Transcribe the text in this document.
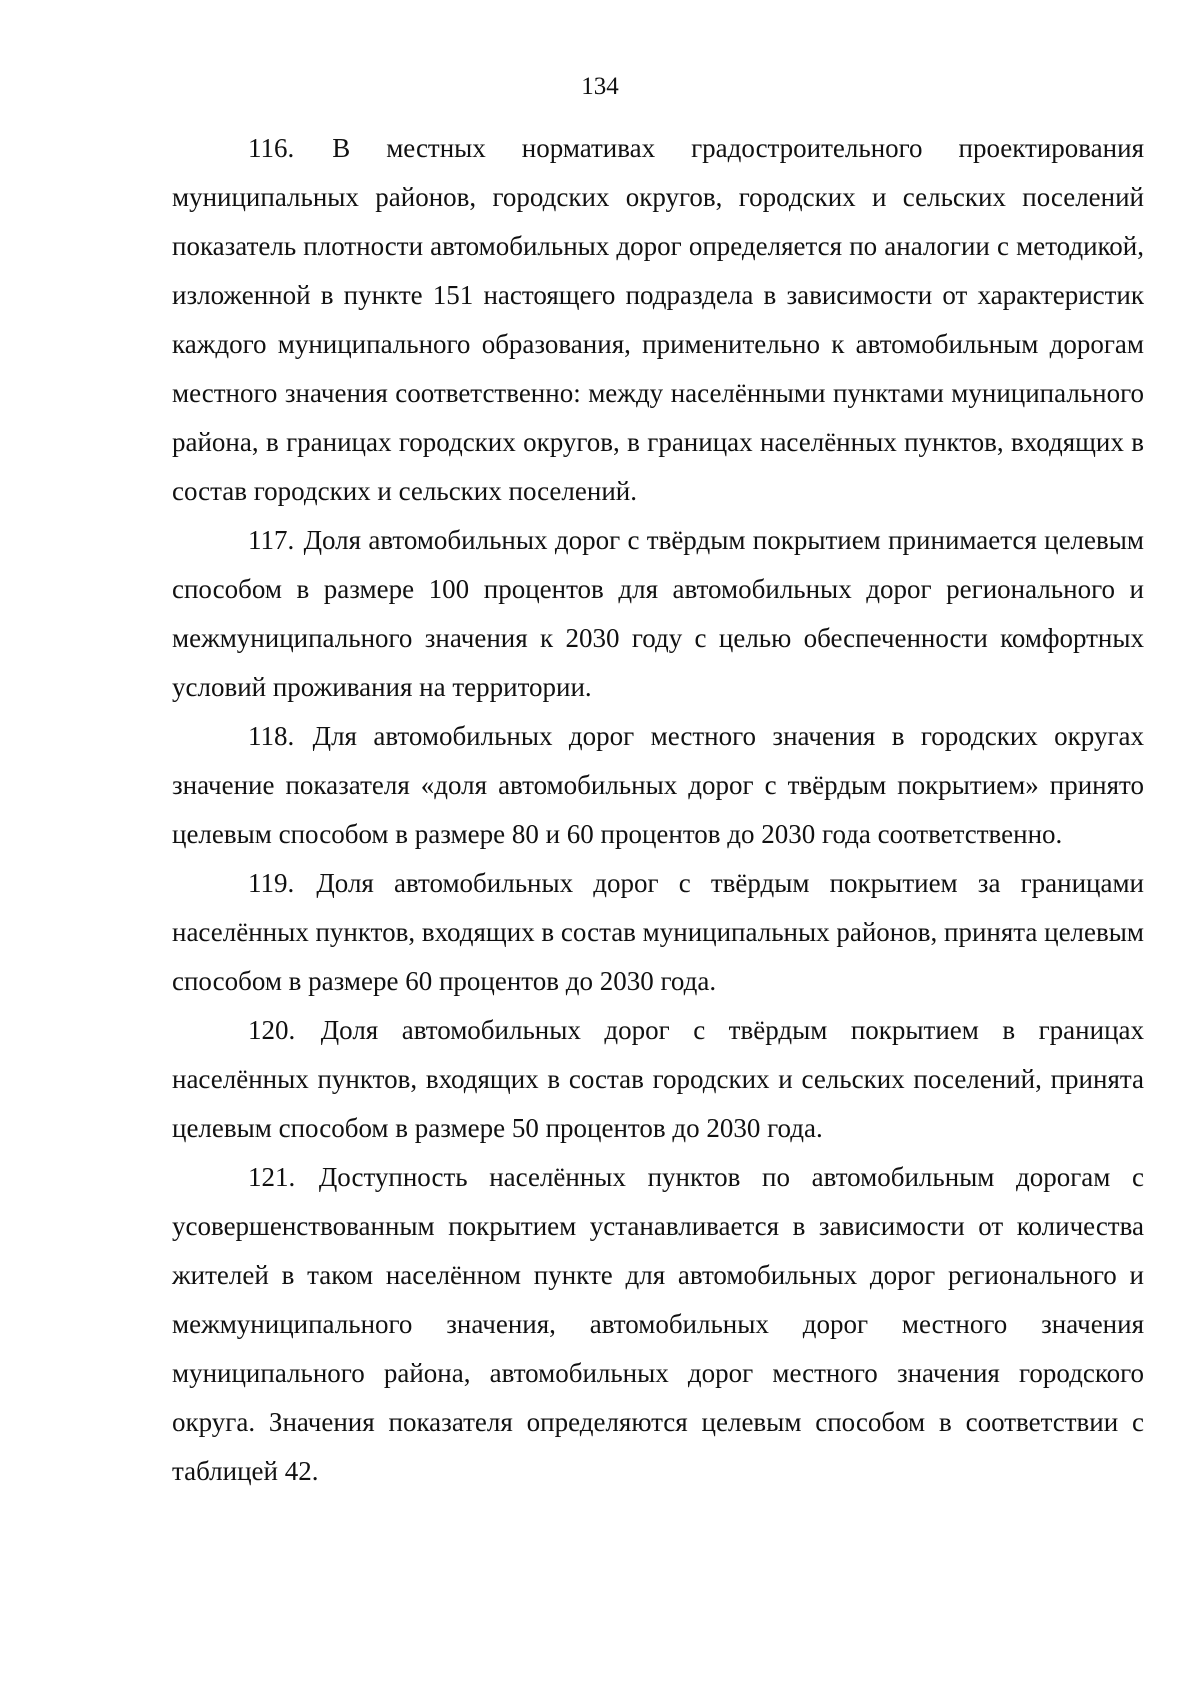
134

116. В местных нормативах градостроительного проектирования муниципальных районов, городских округов, городских и сельских поселений показатель плотности автомобильных дорог определяется по аналогии с методикой, изложенной в пункте 151 настоящего подраздела в зависимости от характеристик каждого муниципального образования, применительно к автомобильным дорогам местного значения соответственно: между населёнными пунктами муниципального района, в границах городских округов, в границах населённых пунктов, входящих в состав городских и сельских поселений.

117. Доля автомобильных дорог с твёрдым покрытием принимается целевым способом в размере 100 процентов для автомобильных дорог регионального и межмуниципального значения к 2030 году с целью обеспеченности комфортных условий проживания на территории.

118. Для автомобильных дорог местного значения в городских округах значение показателя «доля автомобильных дорог с твёрдым покрытием» принято целевым способом в размере 80 и 60 процентов до 2030 года соответственно.

119. Доля автомобильных дорог с твёрдым покрытием за границами населённых пунктов, входящих в состав муниципальных районов, принята целевым способом в размере 60 процентов до 2030 года.

120. Доля автомобильных дорог с твёрдым покрытием в границах населённых пунктов, входящих в состав городских и сельских поселений, принята целевым способом в размере 50 процентов до 2030 года.

121. Доступность населённых пунктов по автомобильным дорогам с усовершенствованным покрытием устанавливается в зависимости от количества жителей в таком населённом пункте для автомобильных дорог регионального и межмуниципального значения, автомобильных дорог местного значения муниципального района, автомобильных дорог местного значения городского округа. Значения показателя определяются целевым способом в соответствии с таблицей 42.
